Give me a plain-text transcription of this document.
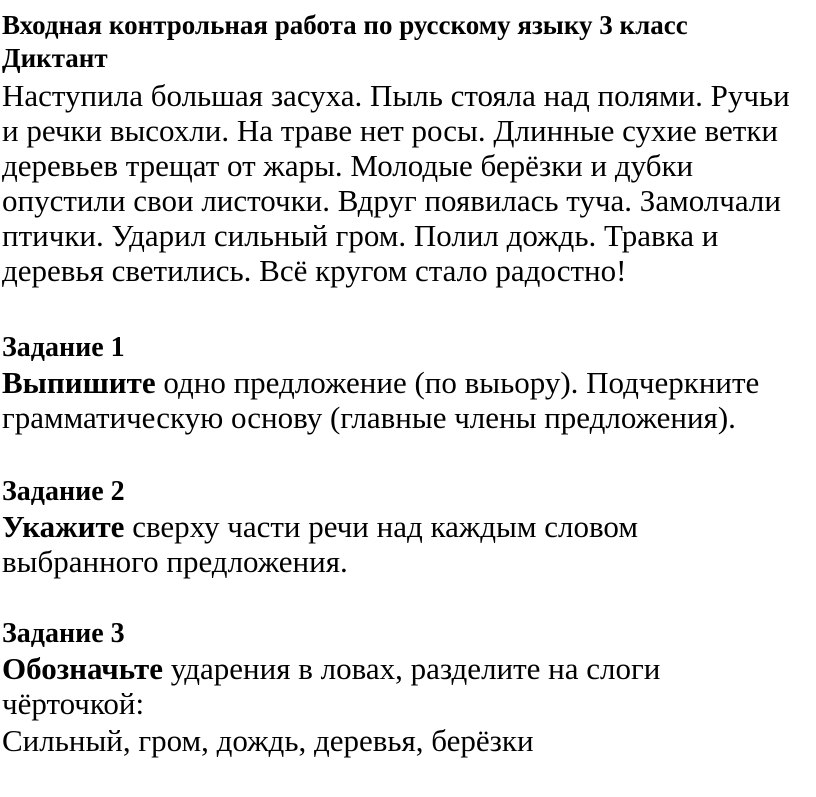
Входная контрольная работа по русскому языку 3 класс
Диктант
Наступила большая засуха. Пыль стояла над полями. Ручьи
и речки высохли. На траве нет росы. Длинные сухие ветки
деревьев трещат от жары. Молодые берёзки и дубки
опустили свои листочки. Вдруг появилась туча. Замолчали
птички. Ударил сильный гром. Полил дождь. Травка и
деревья светились. Всё кругом стало радостно!
Задание 1
Выпишите одно предложение (по выьору). Подчеркните
грамматическую основу (главные члены предложения).
Задание 2
Укажите сверху части речи над каждым словом
выбранного предложения.
Задание 3
Обозначьте ударения в ловах, разделите на слоги
чёрточкой:
Сильный, гром, дождь, деревья, берёзки
